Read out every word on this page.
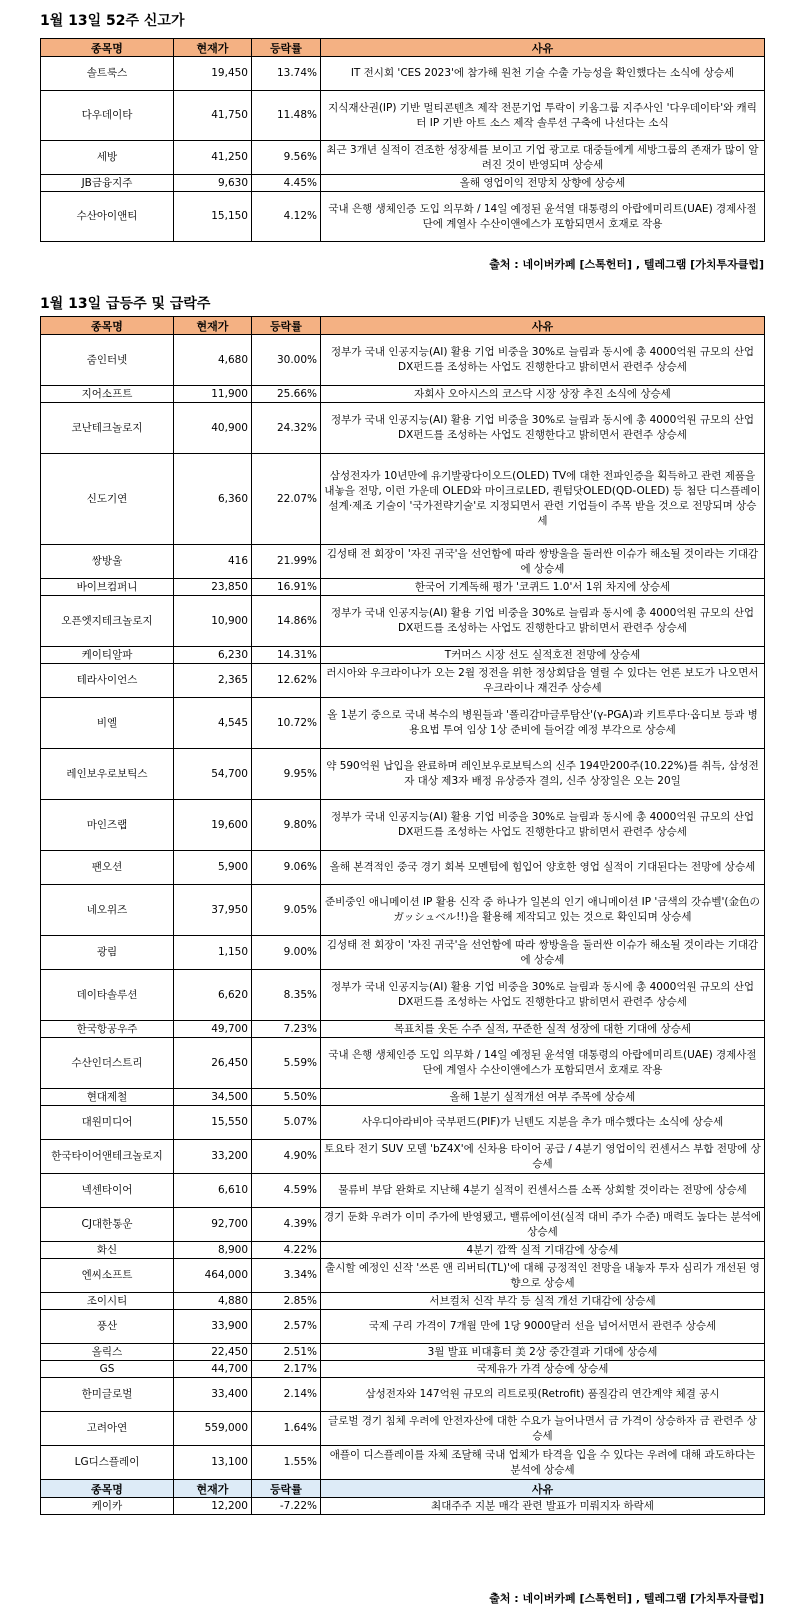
1월 13일 52주 신고가
종목명	현재가	등락률	사유
솔트룩스	19,450	13.74%	IT 전시회 'CES 2023'에 참가해 원천 기술 수출 가능성을 확인했다는 소식에 상승세
다우데이타	41,750	11.48%	지식재산권(IP) 기반 멀티콘텐츠 제작 전문기업 투락이 키움그룹 지주사인 '다우데이타'와 캐릭터 IP 기반 아트 소스 제작 솔루션 구축에 나선다는 소식
세방	41,250	9.56%	최근 3개년 실적이 견조한 성장세를 보이고 기업 광고로 대중들에게 세방그룹의 존재가 많이 알려진 것이 반영되며 상승세
JB금융지주	9,630	4.45%	올해 영업이익 전망치 상향에 상승세
수산아이앤티	15,150	4.12%	국내 은행 생체인증 도입 의무화 / 14일 예정된 윤석열 대통령의 아랍에미리트(UAE) 경제사절단에 계열사 수산이앤에스가 포함되면서 호재로 작용
출처 : 네이버카페 [스톡헌터] , 텔레그램 [가치투자클럽]
1월 13일 급등주 및 급락주
종목명	현재가	등락률	사유
줌인터넷	4,680	30.00%	정부가 국내 인공지능(AI) 활용 기업 비중을 30%로 늘림과 동시에 총 4000억원 규모의 산업 DX펀드를 조성하는 사업도 진행한다고 밝히면서 관련주 상승세
지어소프트	11,900	25.66%	자회사 오아시스의 코스닥 시장 상장 추진 소식에 상승세
코난테크놀로지	40,900	24.32%	정부가 국내 인공지능(AI) 활용 기업 비중을 30%로 늘림과 동시에 총 4000억원 규모의 산업 DX펀드를 조성하는 사업도 진행한다고 밝히면서 관련주 상승세
신도기연	6,360	22.07%	삼성전자가 10년만에 유기발광다이오드(OLED) TV에 대한 전파인증을 획득하고 관련 제품을 내놓을 전망, 이런 가운데 OLED와 마이크로LED, 퀀텀닷OLED(QD-OLED) 등 첨단 디스플레이 설계·제조 기술이 '국가전략기술'로 지정되면서 관련 기업들이 주목 받을 것으로 전망되며 상승세
쌍방울	416	21.99%	김성태 전 회장이 '자진 귀국'을 선언함에 따라 쌍방울을 둘러싼 이슈가 해소될 것이라는 기대감에 상승세
바이브컴퍼니	23,850	16.91%	한국어 기계독해 평가 '코퀴드 1.0'서 1위 차지에 상승세
오픈엣지테크놀로지	10,900	14.86%	정부가 국내 인공지능(AI) 활용 기업 비중을 30%로 늘림과 동시에 총 4000억원 규모의 산업 DX펀드를 조성하는 사업도 진행한다고 밝히면서 관련주 상승세
케이티알파	6,230	14.31%	T커머스 시장 선도 실적호전 전망에 상승세
테라사이언스	2,365	12.62%	러시아와 우크라이나가 오는 2월 정전을 위한 정상회담을 열릴 수 있다는 언론 보도가 나오면서 우크라이나 재건주 상승세
비엘	4,545	10.72%	올 1분기 중으로 국내 복수의 병원들과 '폴리감마글루탐산'(γ-PGA)과 키트루다·옵디보 등과 병용요법 투여 임상 1상 준비에 들어갈 예정 부각으로 상승세
레인보우로보틱스	54,700	9.95%	약 590억원 납입을 완료하며 레인보우로보틱스의 신주 194만200주(10.22%)를 취득, 삼성전자 대상 제3자 배정 유상증자 결의, 신주 상장일은 오는 20일
마인즈랩	19,600	9.80%	정부가 국내 인공지능(AI) 활용 기업 비중을 30%로 늘림과 동시에 총 4000억원 규모의 산업 DX펀드를 조성하는 사업도 진행한다고 밝히면서 관련주 상승세
팬오션	5,900	9.06%	올해 본격적인 중국 경기 회복 모멘텀에 힘입어 양호한 영업 실적이 기대된다는 전망에 상승세
네오위즈	37,950	9.05%	준비중인 애니메이션 IP 활용 신작 중 하나가 일본의 인기 애니메이션 IP '금색의 갓슈벨'(金色のガッシュベル!!)을 활용해 제작되고 있는 것으로 확인되며 상승세
광림	1,150	9.00%	김성태 전 회장이 '자진 귀국'을 선언함에 따라 쌍방울을 둘러싼 이슈가 해소될 것이라는 기대감에 상승세
데이타솔루션	6,620	8.35%	정부가 국내 인공지능(AI) 활용 기업 비중을 30%로 늘림과 동시에 총 4000억원 규모의 산업 DX펀드를 조성하는 사업도 진행한다고 밝히면서 관련주 상승세
한국항공우주	49,700	7.23%	목표치를 웃돈 수주 실적, 꾸준한 실적 성장에 대한 기대에 상승세
수산인더스트리	26,450	5.59%	국내 은행 생체인증 도입 의무화 / 14일 예정된 윤석열 대통령의 아랍에미리트(UAE) 경제사절단에 계열사 수산이앤에스가 포함되면서 호재로 작용
현대제철	34,500	5.50%	올해 1분기 실적개선 여부 주목에 상승세
대원미디어	15,550	5.07%	사우디아라비아 국부펀드(PIF)가 닌텐도 지분을 추가 매수했다는 소식에 상승세
한국타이어앤테크놀로지	33,200	4.90%	토요타 전기 SUV 모델 'bZ4X'에 신차용 타이어 공급 / 4분기 영업이익 컨센서스 부합 전망에 상승세
넥센타이어	6,610	4.59%	물류비 부담 완화로 지난해 4분기 실적이 컨센서스를 소폭 상회할 것이라는 전망에 상승세
CJ대한통운	92,700	4.39%	경기 둔화 우려가 이미 주가에 반영됐고, 밸류에이션(실적 대비 주가 수준) 매력도 높다는 분석에 상승세
화신	8,900	4.22%	4분기 깜짝 실적 기대감에 상승세
엔씨소프트	464,000	3.34%	출시할 예정인 신작 '쓰론 앤 리버티(TL)'에 대해 긍정적인 전망을 내놓자 투자 심리가 개선된 영향으로 상승세
조이시티	4,880	2.85%	서브컬처 신작 부각 등 실적 개선 기대감에 상승세
풍산	33,900	2.57%	국제 구리 가격이 7개월 만에 1당 9000달러 선을 넘어서면서 관련주 상승세
올릭스	22,450	2.51%	3월 발표 비대흉터 美 2상 중간결과 기대에 상승세
GS	44,700	2.17%	국제유가 가격 상승에 상승세
한미글로벌	33,400	2.14%	삼성전자와 147억원 규모의 리트로핏(Retrofit) 품질감리 연간계약 체결 공시
고려아연	559,000	1.64%	글로벌 경기 침체 우려에 안전자산에 대한 수요가 늘어나면서 금 가격이 상승하자 금 관련주 상승세
LG디스플레이	13,100	1.55%	애플이 디스플레이를 자체 조달해 국내 업체가 타격을 입을 수 있다는 우려에 대해 과도하다는 분석에 상승세
종목명	현재가	등락률	사유
케이카	12,200	-7.22%	최대주주 지분 매각 관련 발표가 미뤄지자 하락세
출처 : 네이버카페 [스톡헌터] , 텔레그램 [가치투자클럽]
